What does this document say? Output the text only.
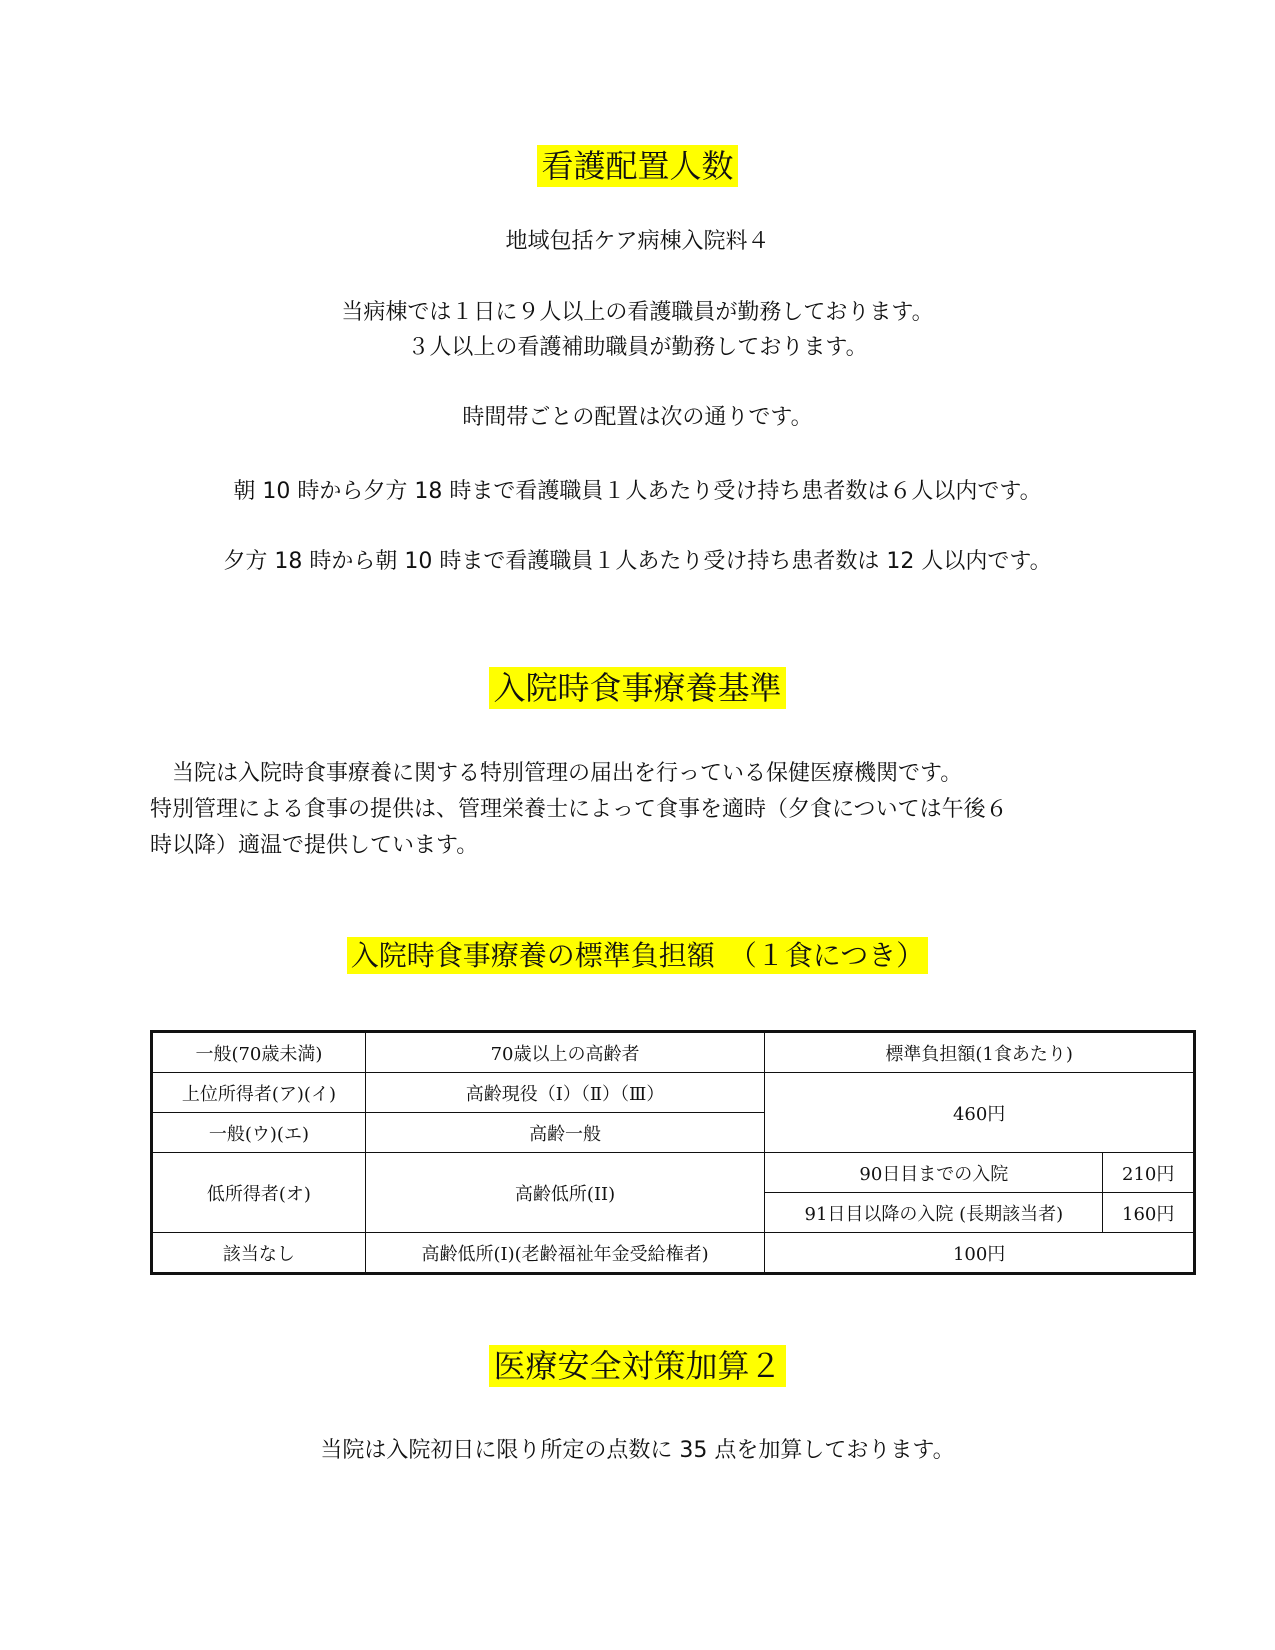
看護配置人数
地域包括ケア病棟入院料４
当病棟では１日に９人以上の看護職員が勤務しております。
３人以上の看護補助職員が勤務しております。
時間帯ごとの配置は次の通りです。
朝 10 時から夕方 18 時まで看護職員１人あたり受け持ち患者数は６人以内です。
夕方 18 時から朝 10 時まで看護職員１人あたり受け持ち患者数は 12 人以内です。
入院時食事療養基準
　当院は入院時食事療養に関する特別管理の届出を行っている保健医療機関です。
特別管理による食事の提供は、管理栄養士によって食事を適時（夕食については午後６
時以降）適温で提供しています。
入院時食事療養の標準負担額　（１食につき）
一般(70歳未満)	70歳以上の高齢者	標準負担額(1食あたり)	
上位所得者(ア)(イ)	高齢現役（Ⅰ）（Ⅱ）（Ⅲ）	460円	
一般(ウ)(エ)	高齢一般		
低所得者(オ)	高齢低所(II)	90日目までの入院	210円
		91日目以降の入院 (長期該当者)	160円
該当なし	高齢低所(I)(老齢福祉年金受給権者)	100円	
医療安全対策加算２
当院は入院初日に限り所定の点数に 35 点を加算しております。
